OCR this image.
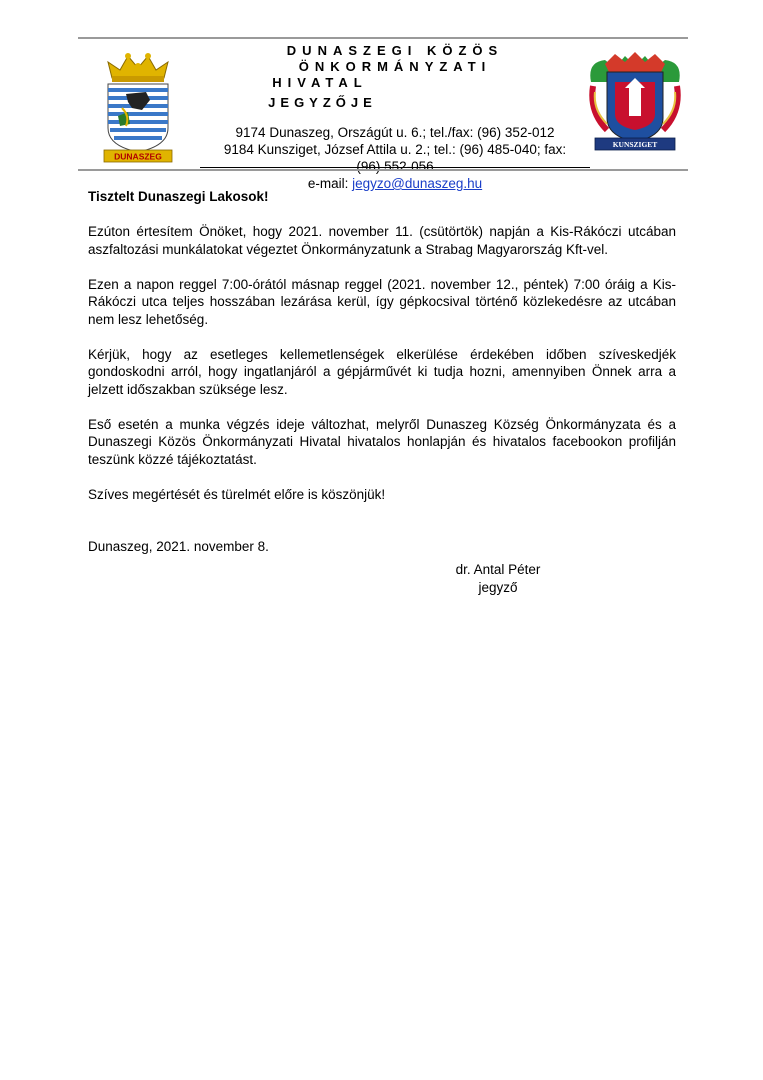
DUNASZEG
KUNSZIGET
DUNASZEGI KÖZÖS ÖNKORMÁNYZATI
HIVATAL
JEGYZŐJE
9174 Dunaszeg, Országút u. 6.; tel./fax: (96) 352-012
9184 Kunsziget, József Attila u. 2.; tel.: (96) 485-040; fax:
e-mail: jegyzo@dunaszeg.hu

Tisztelt Dunaszegi Lakosok!

Ezúton értesítem Önöket, hogy 2021. november 11. (csütörtök) napján a Kis-Rákóczi utcában aszfaltozási munkálatokat végeztet Önkormányzatunk a Strabag Magyarország Kft-vel.

Ezen a napon reggel 7:00-órától másnap reggel (2021. november 12., péntek) 7:00 óráig a Kis-Rákóczi utca teljes hosszában lezárása kerül, így gépkocsival történő közlekedésre az utcában nem lesz lehetőség.

Kérjük, hogy az esetleges kellemetlenségek elkerülése érdekében időben szíveskedjék gondoskodni arról, hogy ingatlanjáról a gépjárművét ki tudja hozni, amennyiben Önnek arra a jelzett időszakban szüksége lesz.

Eső esetén a munka végzés ideje változhat, melyről Dunaszeg Község Önkormányzata és a Dunaszegi Közös Önkormányzati Hivatal hivatalos honlapján és hivatalos facebookon profilján teszünk közzé tájékoztatást.

Szíves megértését és türelmét előre is köszönjük!

Dunaszeg, 2021. november 8.

dr. Antal Péter
jegyző
